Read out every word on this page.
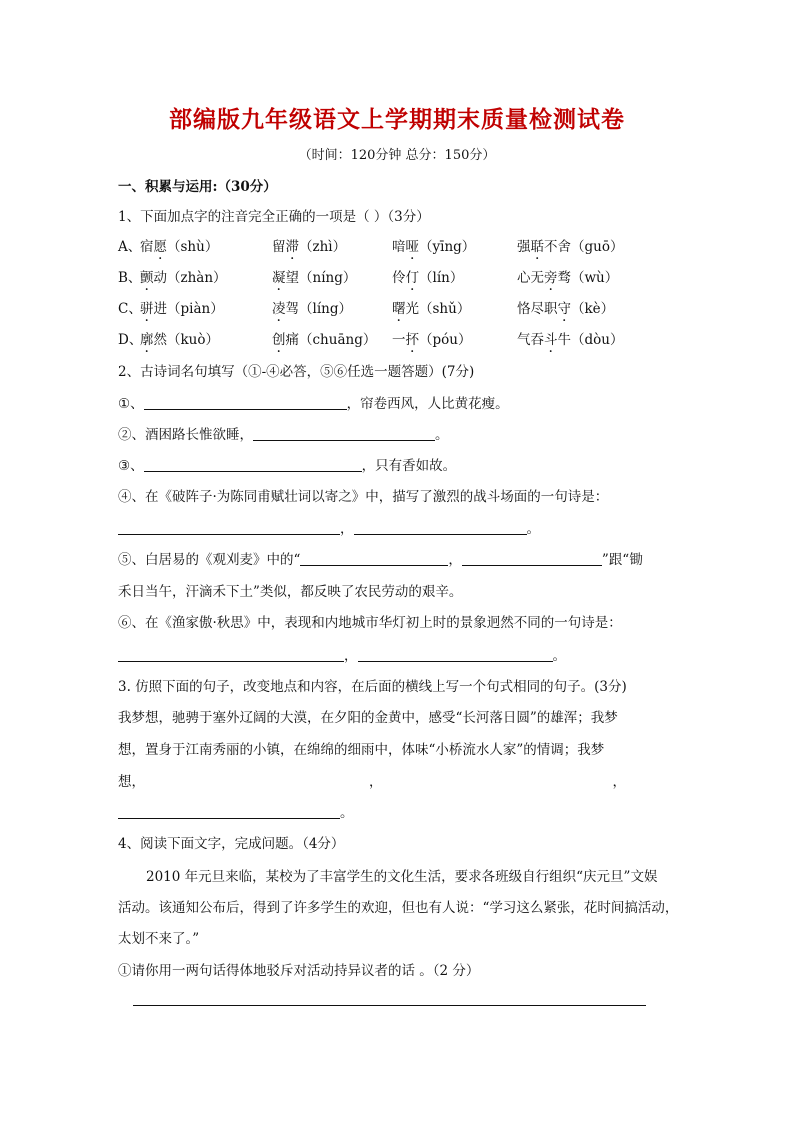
部编版九年级语文上学期期末质量检测试卷
（时间：120分钟 总分：150分）
一、积累与运用:（30分）
1、下面加点字的注音完全正确的一项是（ ）（3分）
A、
宿愿（shù）	留滞（zhì）	喑哑（yīng）	强聒不舍（guō）
B、
颤动（zhàn）	凝望（níng）	伶仃（lín）	心无旁骛（wù）
C、
骈进（piàn）	凌驾（líng）	曙光（shǔ）	恪尽职守（kè）
D、
廓然（kuò）	创痛（chuāng） 一抔（póu）	气吞斗牛（dòu）
2、古诗词名句填写（①-④必答，⑤⑥任选一题答题）(7分)
①、	，帘卷西风，人比黄花瘦。
②、酒困路长惟欲睡，	。
③、	，只有香如故。
④、在《破阵子·为陈同甫赋壮词以寄之》中，描写了激烈的战斗场面的一句诗是：
，	。
⑤、白居易的《观刈麦》中的“	，	”跟“锄
禾日当午，汗滴禾下土”类似，都反映了农民劳动的艰辛。
⑥、在《渔家傲·秋思》中，表现和内地城市华灯初上时的景象迥然不同的一句诗是：
，	。
3. 仿照下面的句子，改变地点和内容，在后面的横线上写一个句式相同的句子。(3分)
我梦想，驰骋于塞外辽阔的大漠，在夕阳的金黄中，感受“长河落日圆”的雄浑；我梦
想，置身于江南秀丽的小镇，在绵绵的细雨中，体味“小桥流水人家”的情调；我梦
想，	，	，
。
4、阅读下面文字，完成问题。（4分）
2010 年元旦来临，某校为了丰富学生的文化生活，要求各班级自行组织“庆元旦”文娱
活动。该通知公布后，得到了许多学生的欢迎，但也有人说：“学习这么紧张，花时间搞活动，
太划不来了。”
①请你用一两句话得体地驳斥对活动持异议者的话 。（2 分）
